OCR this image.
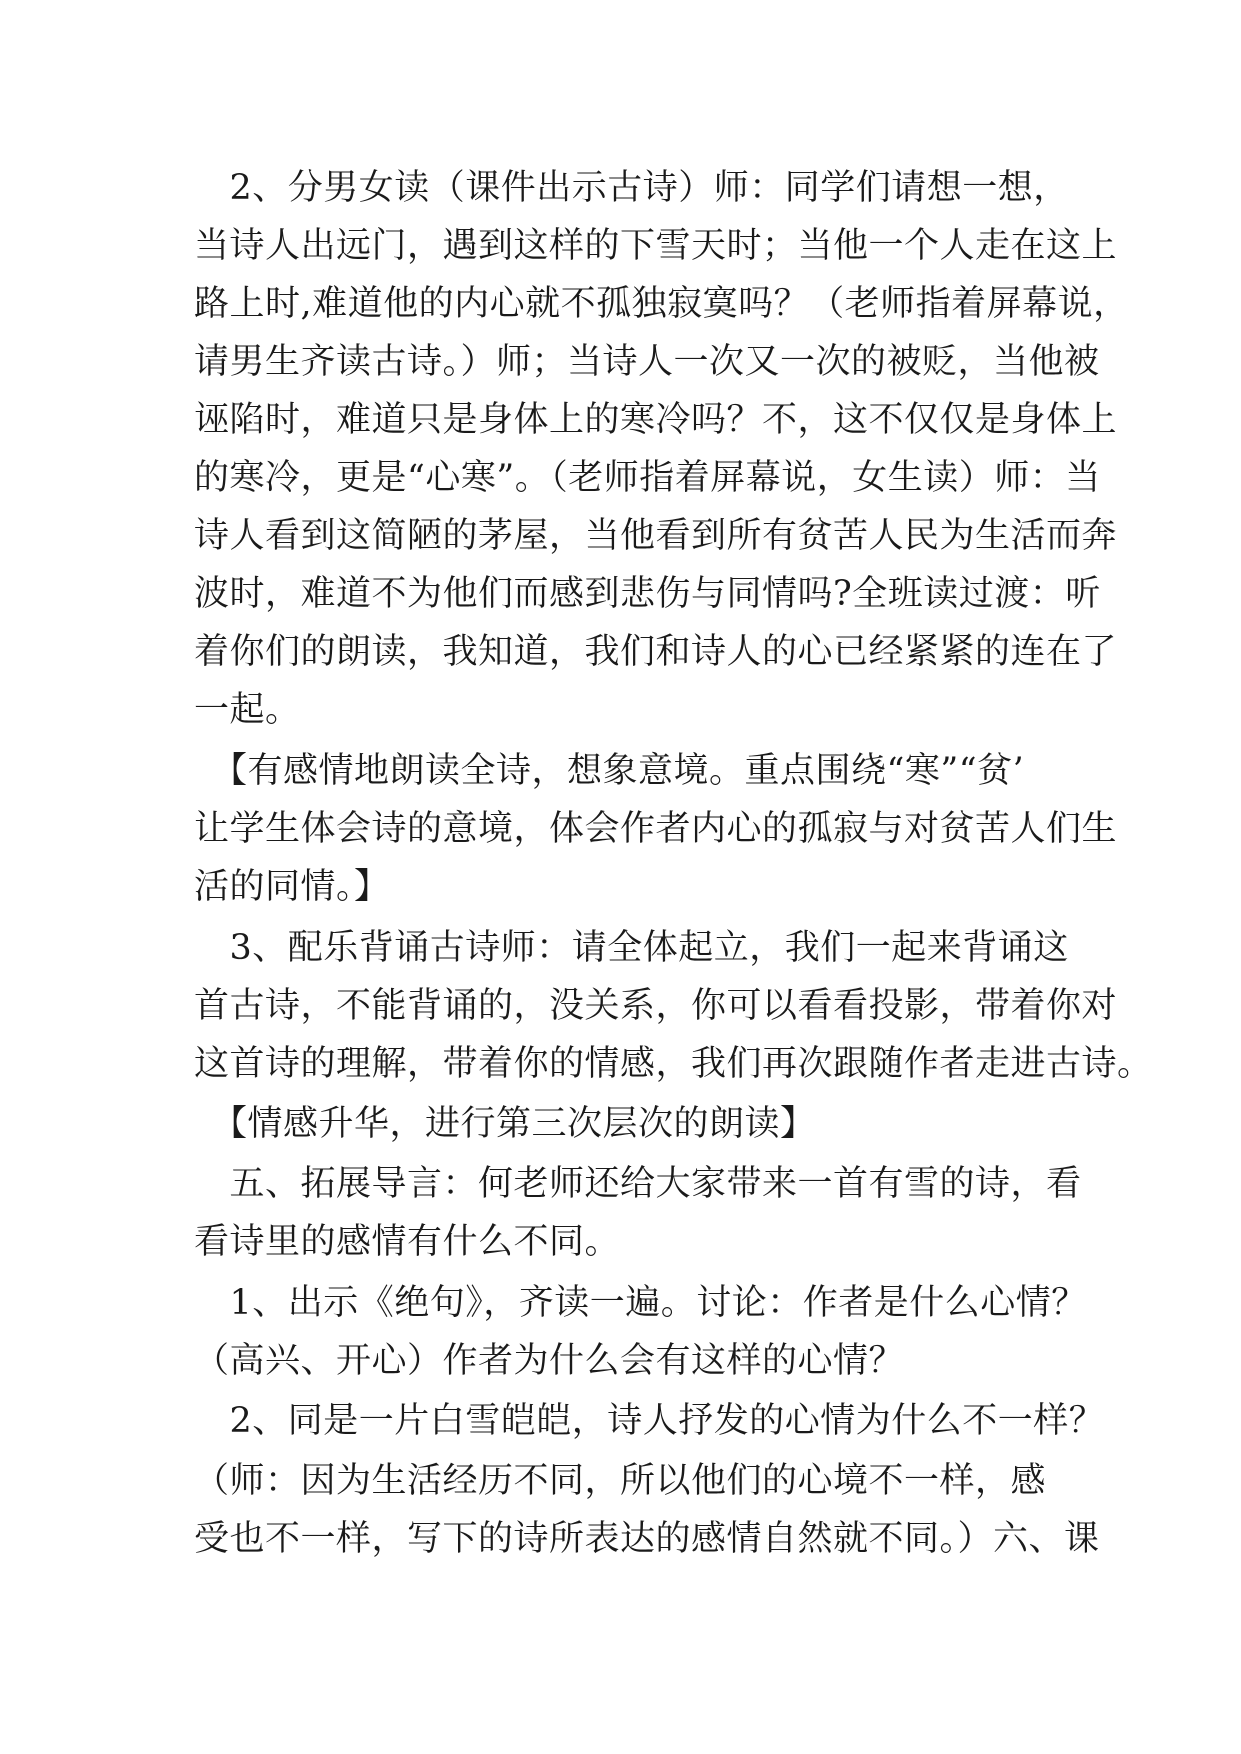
　2、分男女读（课件出示古诗）师：同学们请想一想，
当诗人出远门，遇到这样的下雪天时；当他一个人走在这上
路上时,难道他的内心就不孤独寂寞吗？（老师指着屏幕说，
请男生齐读古诗。）师；当诗人一次又一次的被贬，当他被
诬陷时，难道只是身体上的寒冷吗？不，这不仅仅是身体上
的寒冷，更是“心寒”。（老师指着屏幕说，女生读）师：当
诗人看到这简陋的茅屋，当他看到所有贫苦人民为生活而奔
波时，难道不为他们而感到悲伤与同情吗?全班读过渡：听
着你们的朗读，我知道，我们和诗人的心已经紧紧的连在了
一起。
　【有感情地朗读全诗，想象意境。重点围绕“寒”“贫’
让学生体会诗的意境，体会作者内心的孤寂与对贫苦人们生
活的同情。】
　3、配乐背诵古诗师：请全体起立，我们一起来背诵这
首古诗，不能背诵的，没关系，你可以看看投影，带着你对
这首诗的理解，带着你的情感，我们再次跟随作者走进古诗。
　【情感升华，进行第三次层次的朗读】
　五、拓展导言：何老师还给大家带来一首有雪的诗，看
看诗里的感情有什么不同。
　1、出示《绝句》，齐读一遍。讨论：作者是什么心情？
（高兴、开心）作者为什么会有这样的心情？
　2、同是一片白雪皑皑，诗人抒发的心情为什么不一样？
（师：因为生活经历不同，所以他们的心境不一样，感
受也不一样，写下的诗所表达的感情自然就不同。）六、课
